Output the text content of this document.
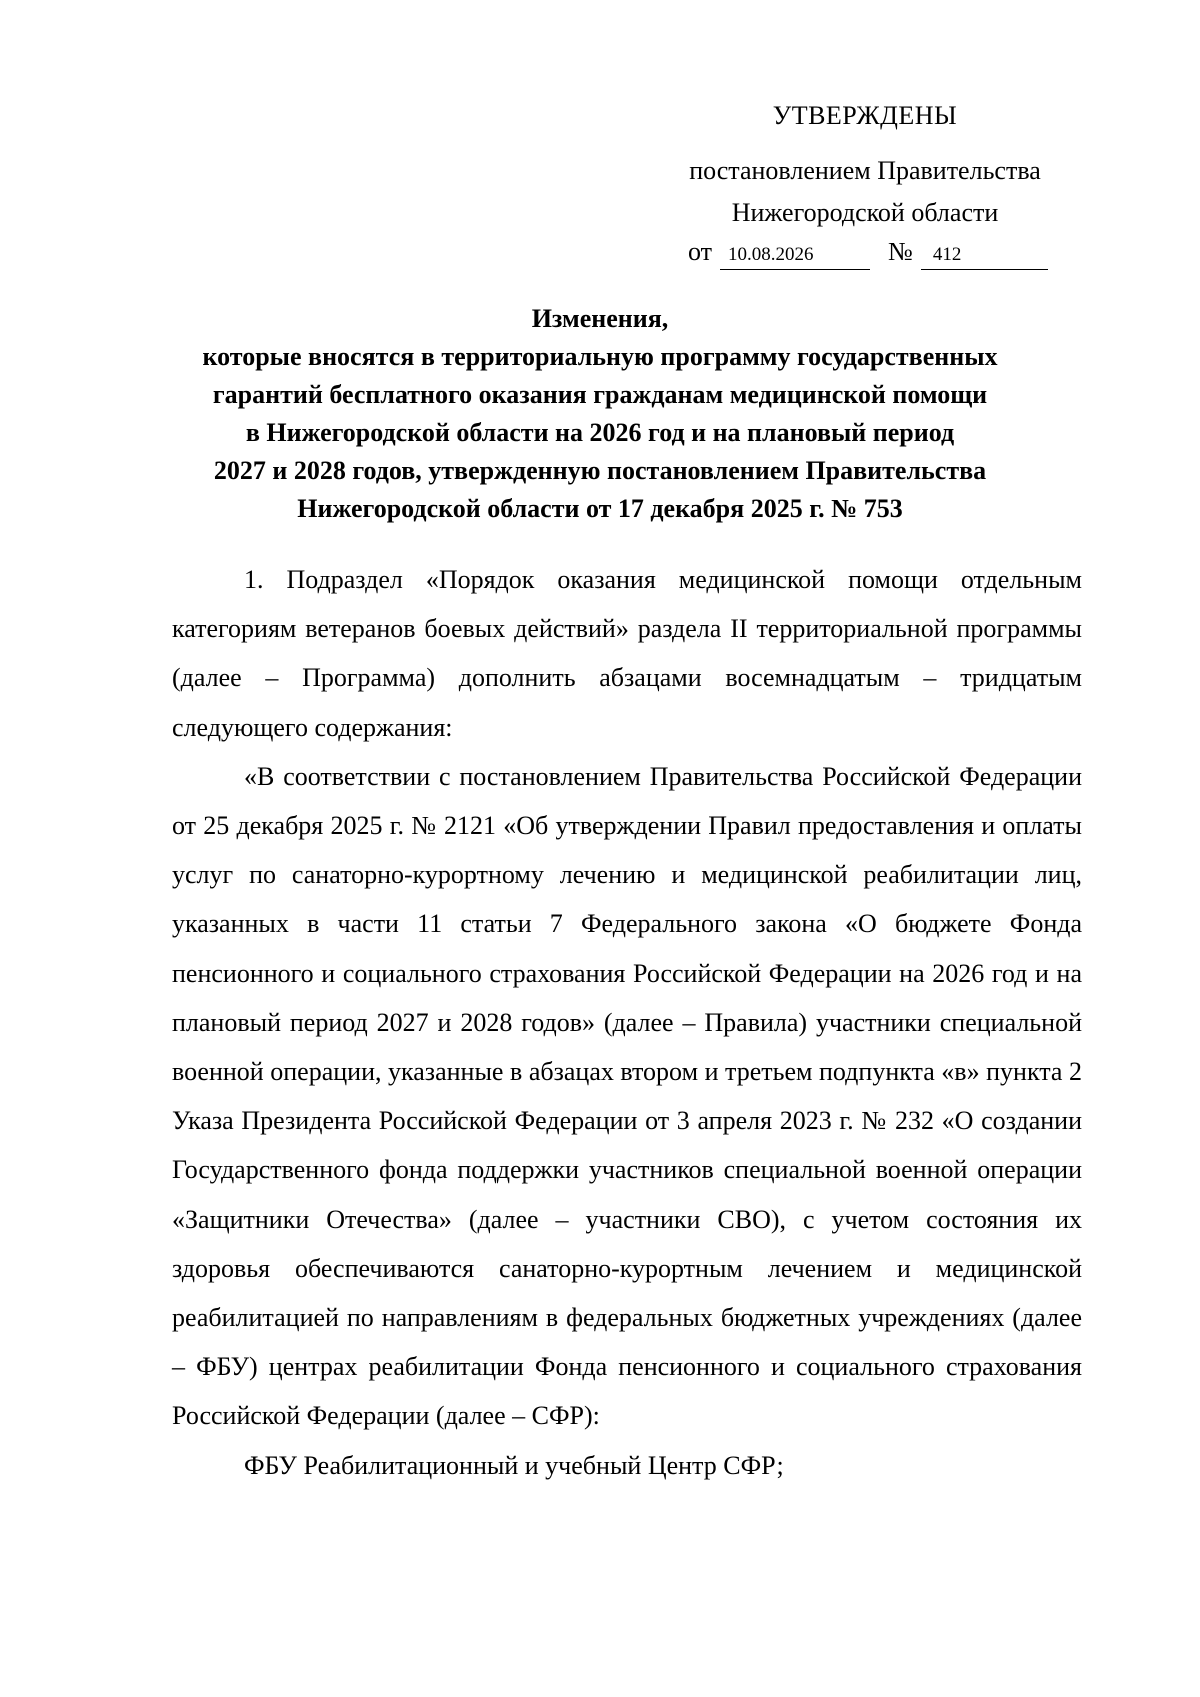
УТВЕРЖДЕНЫ
постановлением Правительства
Нижегородской области
от 10.08.2026	№ 412
Изменения,
которые вносятся в территориальную программу государственных
гарантий бесплатного оказания гражданам медицинской помощи
в Нижегородской области на 2026 год и на плановый период
2027 и 2028 годов, утвержденную постановлением Правительства
Нижегородской области от 17 декабря 2025 г. № 753

1. Подраздел «Порядок оказания медицинской помощи отдельным категориям ветеранов боевых действий» раздела II территориальной программы (далее – Программа) дополнить абзацами восемнадцатым – тридцатым следующего содержания:

«В соответствии с постановлением Правительства Российской Федерации от 25 декабря 2025 г. № 2121 «Об утверждении Правил предоставления и оплаты услуг по санаторно-курортному лечению и медицинской реабилитации лиц, указанных в части 11 статьи 7 Федерального закона «О бюджете Фонда пенсионного и социального страхования Российской Федерации на 2026 год и на плановый период 2027 и 2028 годов» (далее – Правила) участники специальной военной операции, указанные в абзацах втором и третьем подпункта «в» пункта 2 Указа Президента Российской Федерации от 3 апреля 2023 г. № 232 «О создании Государственного фонда поддержки участников специальной военной операции «Защитники Отечества» (далее – участники СВО), с учетом состояния их здоровья обеспечиваются санаторно-курортным лечением и медицинской реабилитацией по направлениям в федеральных бюджетных учреждениях (далее – ФБУ) центрах реабилитации Фонда пенсионного и социального страхования Российской Федерации (далее – СФР):

ФБУ Реабилитационный и учебный Центр СФР;
